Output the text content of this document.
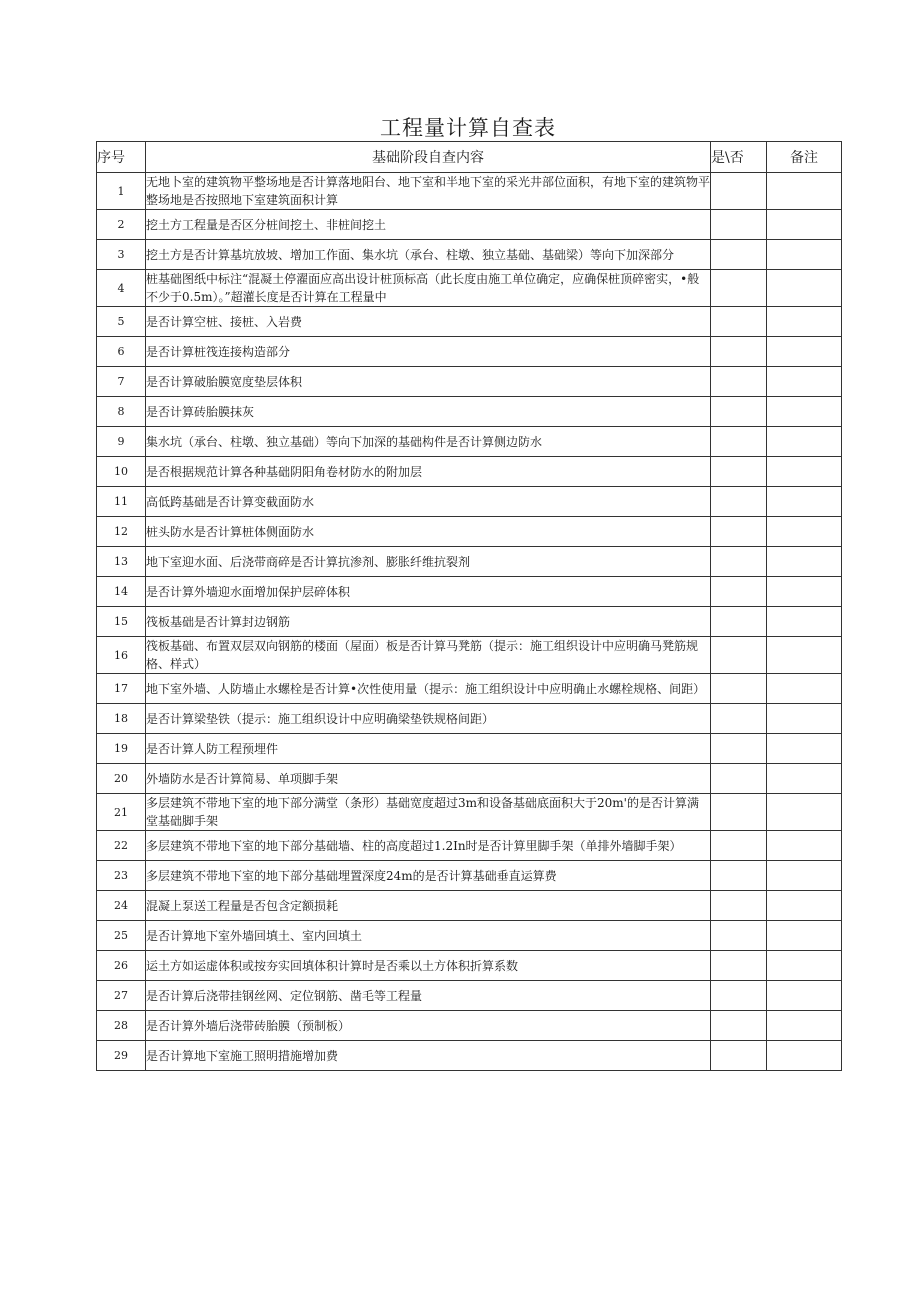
工程量计算自查表
序号	基础阶段自查内容	是\否	备注
1	无地卜室的建筑物平整场地是否计算落地阳台、地下室和半地下室的采光井部位面积，有地下室的建筑物平整场地是否按照地下室建筑面积计算		
2	挖土方工程量是否区分桩间挖土、非桩间挖土		
3	挖土方是否计算基坑放坡、增加工作面、集水坑（承台、柱墩、独立基础、基础梁）等向下加深部分		
4	桩基础图纸中标注“混凝土停濯面应高出设计桩顶标高（此长度由施工单位确定，应确保桩顶碎密实，•般不少于0.5m）。”超灌长度是否计算在工程量中		
5	是否计算空桩、接桩、入岩费		
6	是否计算桩筏连接构造部分		
7	是否计算破胎膜宽度垫层体积		
8	是否计算砖胎膜抹灰		
9	集水坑（承台、柱墩、独立基础）等向下加深的基础构件是否计算侧边防水		
10	是否根据规范计算各种基础阴阳角卷材防水的附加层		
11	高低跨基础是否计算变截面防水		
12	桩头防水是否计算桩体侧面防水		
13	地下室迎水面、后浇带商碎是否计算抗渗剂、膨胀纤维抗裂剂		
14	是否计算外墙迎水面增加保护层碎体积		
15	筏板基础是否计算封边钢筋		
16	筏板基础、布置双层双向钢筋的楼面（屋面）板是否计算马凳筋（提示：施工组织设计中应明确马凳筋规格、样式）		
17	地下室外墙、人防墙止水螺栓是否计算•次性使用量（提示：施工组织设计中应明确止水螺栓规格、间距）		
18	是否计算梁垫铁（提示：施工组织设计中应明确梁垫铁规格间距）		
19	是否计算人防工程预埋件		
20	外墙防水是否计算简易、单项脚手架		
21	多层建筑不带地下室的地下部分满堂（条形）基础宽度超过3m和设备基础底面积大于20m'的是否计算满堂基础脚手架		
22	多层建筑不带地下室的地下部分基础墙、柱的高度超过1.2In时是否计算里脚手架（单排外墙脚手架）		
23	多层建筑不带地下室的地下部分基础埋置深度24m的是否计算基础垂直运算费		
24	混凝上泵送工程量是否包含定额损耗		
25	是否计算地下室外墙回填土、室内回填土		
26	运土方如运虚体积或按夯实回填体积计算时是否乘以土方体积折算系数		
27	是否计算后浇带挂钢丝网、定位钢筋、凿毛等工程量		
28	是否计算外墙后浇带砖胎膜（预制板）		
29	是否计算地下室施工照明措施增加费		
